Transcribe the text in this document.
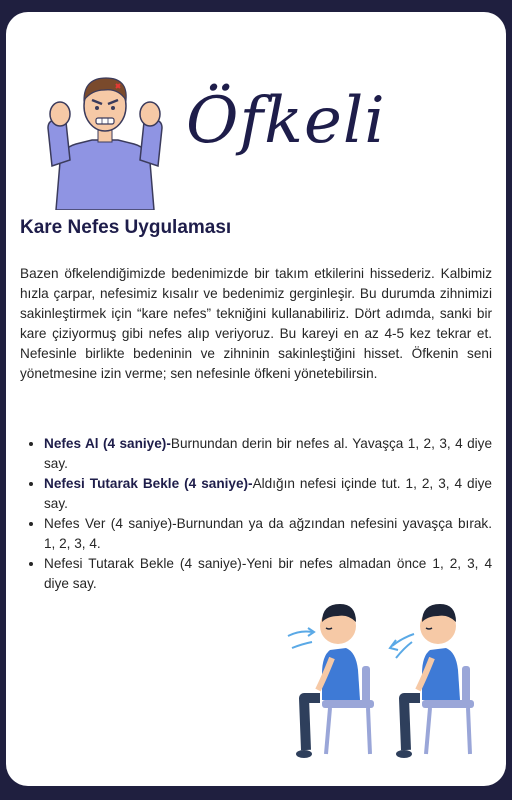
Öfkeli
Kare Nefes Uygulaması

Bazen öfkelendiğimizde bedenimizde bir takım etkilerini hissederiz. Kalbimiz hızla çarpar, nefesimiz kısalır ve bedenimiz gerginleşir. Bu durumda zihnimizi sakinleştirmek için “kare nefes” tekniğini kullanabiliriz. Dört adımda, sanki bir kare çiziyormuş gibi nefes alıp veriyoruz. Bu kareyi en az 4-5 kez tekrar et. Nefesinle birlikte bedeninin ve zihninin sakinleştiğini hisset. Öfkenin seni yönetmesine izin verme; sen nefesinle öfkeni yönetebilirsin.

• Nefes Al (4 saniye)-Burnundan derin bir nefes al. Yavaşça 1, 2, 3, 4 diye say.
• Nefesi Tutarak Bekle (4 saniye)-Aldığın nefesi içinde tut. 1, 2, 3, 4 diye say.
• Nefes Ver (4 saniye)-Burnundan ya da ağzından nefesini yavaşça bırak. 1, 2, 3, 4.
• Nefesi Tutarak Bekle (4 saniye)-Yeni bir nefes almadan önce 1, 2, 3, 4 diye say.
